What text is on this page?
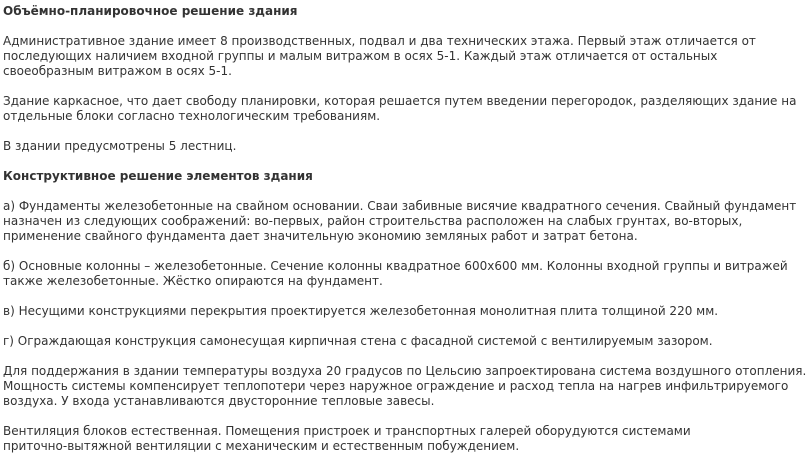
Объёмно-планировочное решение здания
Административное здание имеет 8 производственных, подвал и два технических этажа. Первый этаж отличается от
последующих наличием входной группы и малым витражом в осях 5-1. Каждый этаж отличается от остальных
своеобразным витражом в осях 5-1.
Здание каркасное, что дает свободу планировки, которая решается путем введении перегородок, разделяющих здание на
отдельные блоки согласно технологическим требованиям.
В здании предусмотрены 5 лестниц.
Конструктивное решение элементов здания
а) Фундаменты железобетонные на свайном основании. Сваи забивные висячие квадратного сечения. Свайный фундамент
назначен из следующих соображений: во-первых, район строительства расположен на слабых грунтах, во-вторых,
применение свайного фундамента дает значительную экономию земляных работ и затрат бетона.
б) Основные колонны – железобетонные. Сечение колонны квадратное 600х600 мм. Колонны входной группы и витражей
также железобетонные. Жёстко опираются на фундамент.
в) Несущими конструкциями перекрытия проектируется железобетонная монолитная плита толщиной 220 мм.
г) Ограждающая конструкция самонесущая кирпичная стена с фасадной системой с вентилируемым зазором.
Для поддержания в здании температуры воздуха 20 градусов по Цельсию запроектирована система воздушного отопления.
Мощность системы компенсирует теплопотери через наружное ограждение и расход тепла на нагрев инфильтрируемого
воздуха. У входа устанавливаются двусторонние тепловые завесы.
Вентиляция блоков естественная. Помещения пристроек и транспортных галерей оборудуются системами
приточно-вытяжной вентиляции с механическим и естественным побуждением.
